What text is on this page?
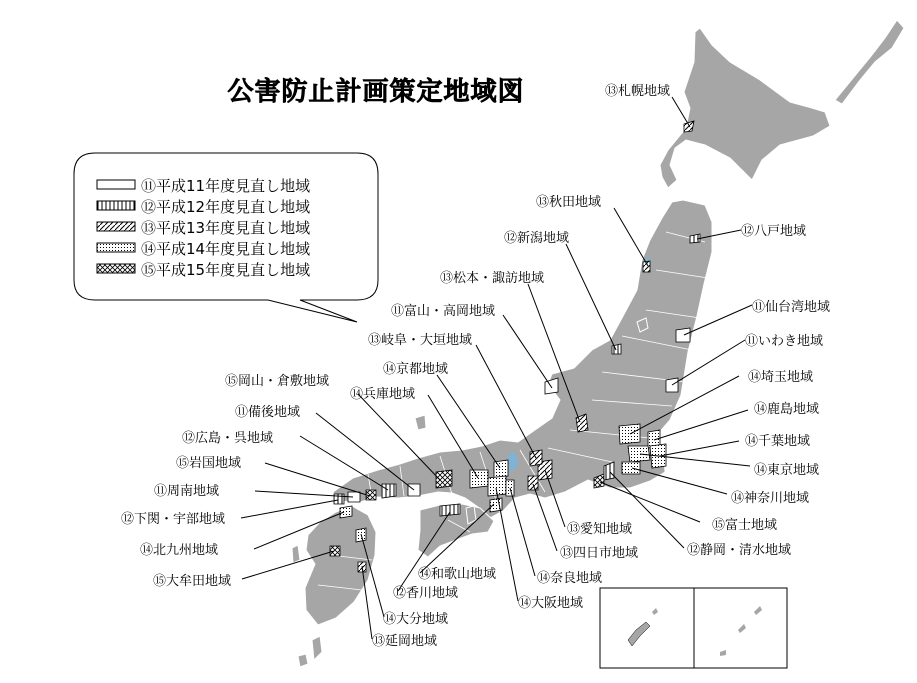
公害防止計画策定地域図
⑪平成11年度見直し地域
⑫平成12年度見直し地域
⑬平成13年度見直し地域
⑭平成14年度見直し地域
⑮平成15年度見直し地域
⑬札幌地域
⑬秋田地域
⑫八戸地域
⑫新潟地域
⑬松本・諏訪地域
⑪仙台湾地域
⑪富山・高岡地域
⑪いわき地域
⑬岐阜・大垣地域
⑭埼玉地域
⑭京都地域
⑭鹿島地域
⑮岡山・倉敷地域
⑭兵庫地域
⑭千葉地域
⑪備後地域
⑭東京地域
⑫広島・呉地域
⑭神奈川地域
⑮岩国地域
⑮富士地域
⑪周南地域
⑫静岡・清水地域
⑫下関・宇部地域
⑬愛知地域
⑭北九州地域	⑬四日市地域
⑭和歌山地域
⑮大牟田地域	⑭奈良地域
⑫香川地域
⑭大阪地域
⑭大分地域
⑬延岡地域
